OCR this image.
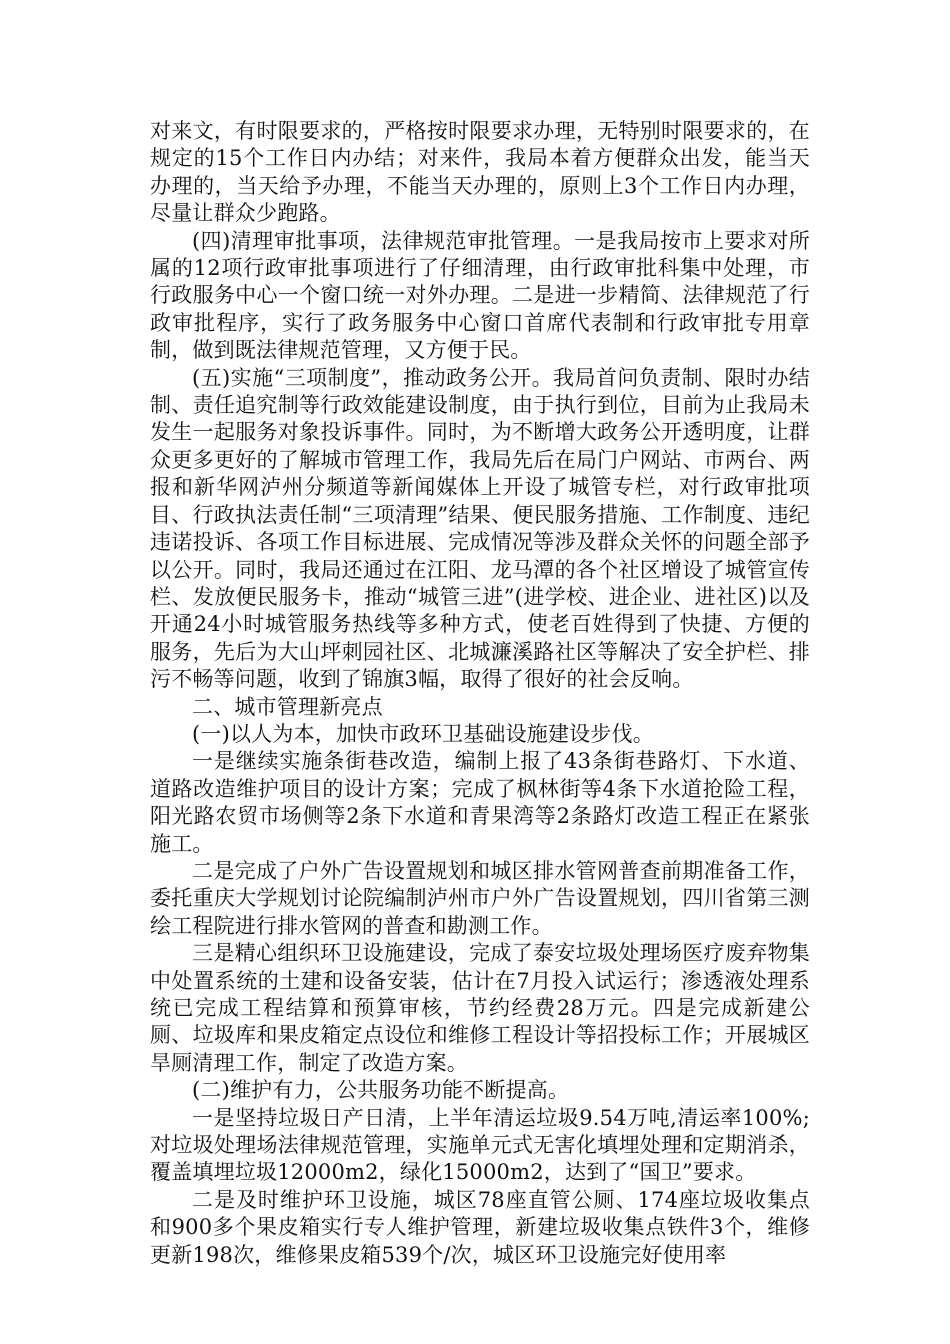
对来文，有时限要求的，严格按时限要求办理，无特别时限要求的，在规定的15个工作日内办结；对来件，我局本着方便群众出发，能当天办理的，当天给予办理，不能当天办理的，原则上3个工作日内办理，尽量让群众少跑路。

(四)清理审批事项，法律规范审批管理。一是我局按市上要求对所属的12项行政审批事项进行了仔细清理，由行政审批科集中处理，市行政服务中心一个窗口统一对外办理。二是进一步精简、法律规范了行政审批程序，实行了政务服务中心窗口首席代表制和行政审批专用章制，做到既法律规范管理，又方便于民。

(五)实施“三项制度”，推动政务公开。我局首问负责制、限时办结制、责任追究制等行政效能建设制度，由于执行到位，目前为止我局未发生一起服务对象投诉事件。同时，为不断增大政务公开透明度，让群众更多更好的了解城市管理工作，我局先后在局门户网站、市两台、两报和新华网泸州分频道等新闻媒体上开设了城管专栏，对行政审批项目、行政执法责任制“三项清理”结果、便民服务措施、工作制度、违纪违诺投诉、各项工作目标进展、完成情况等涉及群众关怀的问题全部予以公开。同时，我局还通过在江阳、龙马潭的各个社区增设了城管宣传栏、发放便民服务卡，推动“城管三进”(进学校、进企业、进社区)以及开通24小时城管服务热线等多种方式，使老百姓得到了快捷、方便的服务，先后为大山坪刺园社区、北城濂溪路社区等解决了安全护栏、排污不畅等问题，收到了锦旗3幅，取得了很好的社会反响。

二、城市管理新亮点

(一)以人为本，加快市政环卫基础设施建设步伐。

一是继续实施条街巷改造，编制上报了43条街巷路灯、下水道、道路改造维护项目的设计方案；完成了枫林街等4条下水道抢险工程，阳光路农贸市场侧等2条下水道和青果湾等2条路灯改造工程正在紧张施工。

二是完成了户外广告设置规划和城区排水管网普查前期准备工作，委托重庆大学规划讨论院编制泸州市户外广告设置规划，四川省第三测绘工程院进行排水管网的普查和勘测工作。

三是精心组织环卫设施建设，完成了泰安垃圾处理场医疗废弃物集中处置系统的土建和设备安装，估计在7月投入试运行；渗透液处理系统已完成工程结算和预算审核，节约经费28万元。四是完成新建公厕、垃圾库和果皮箱定点设位和维修工程设计等招投标工作；开展城区旱厕清理工作，制定了改造方案。

(二)维护有力，公共服务功能不断提高。

一是坚持垃圾日产日清，上半年清运垃圾9.54万吨,清运率100%;对垃圾处理场法律规范管理，实施单元式无害化填埋处理和定期消杀，覆盖填埋垃圾12000m2，绿化15000m2，达到了“国卫”要求。

二是及时维护环卫设施，城区78座直管公厕、174座垃圾收集点和900多个果皮箱实行专人维护管理，新建垃圾收集点铁件3个，维修更新198次，维修果皮箱539个/次，城区环卫设施完好使用率
